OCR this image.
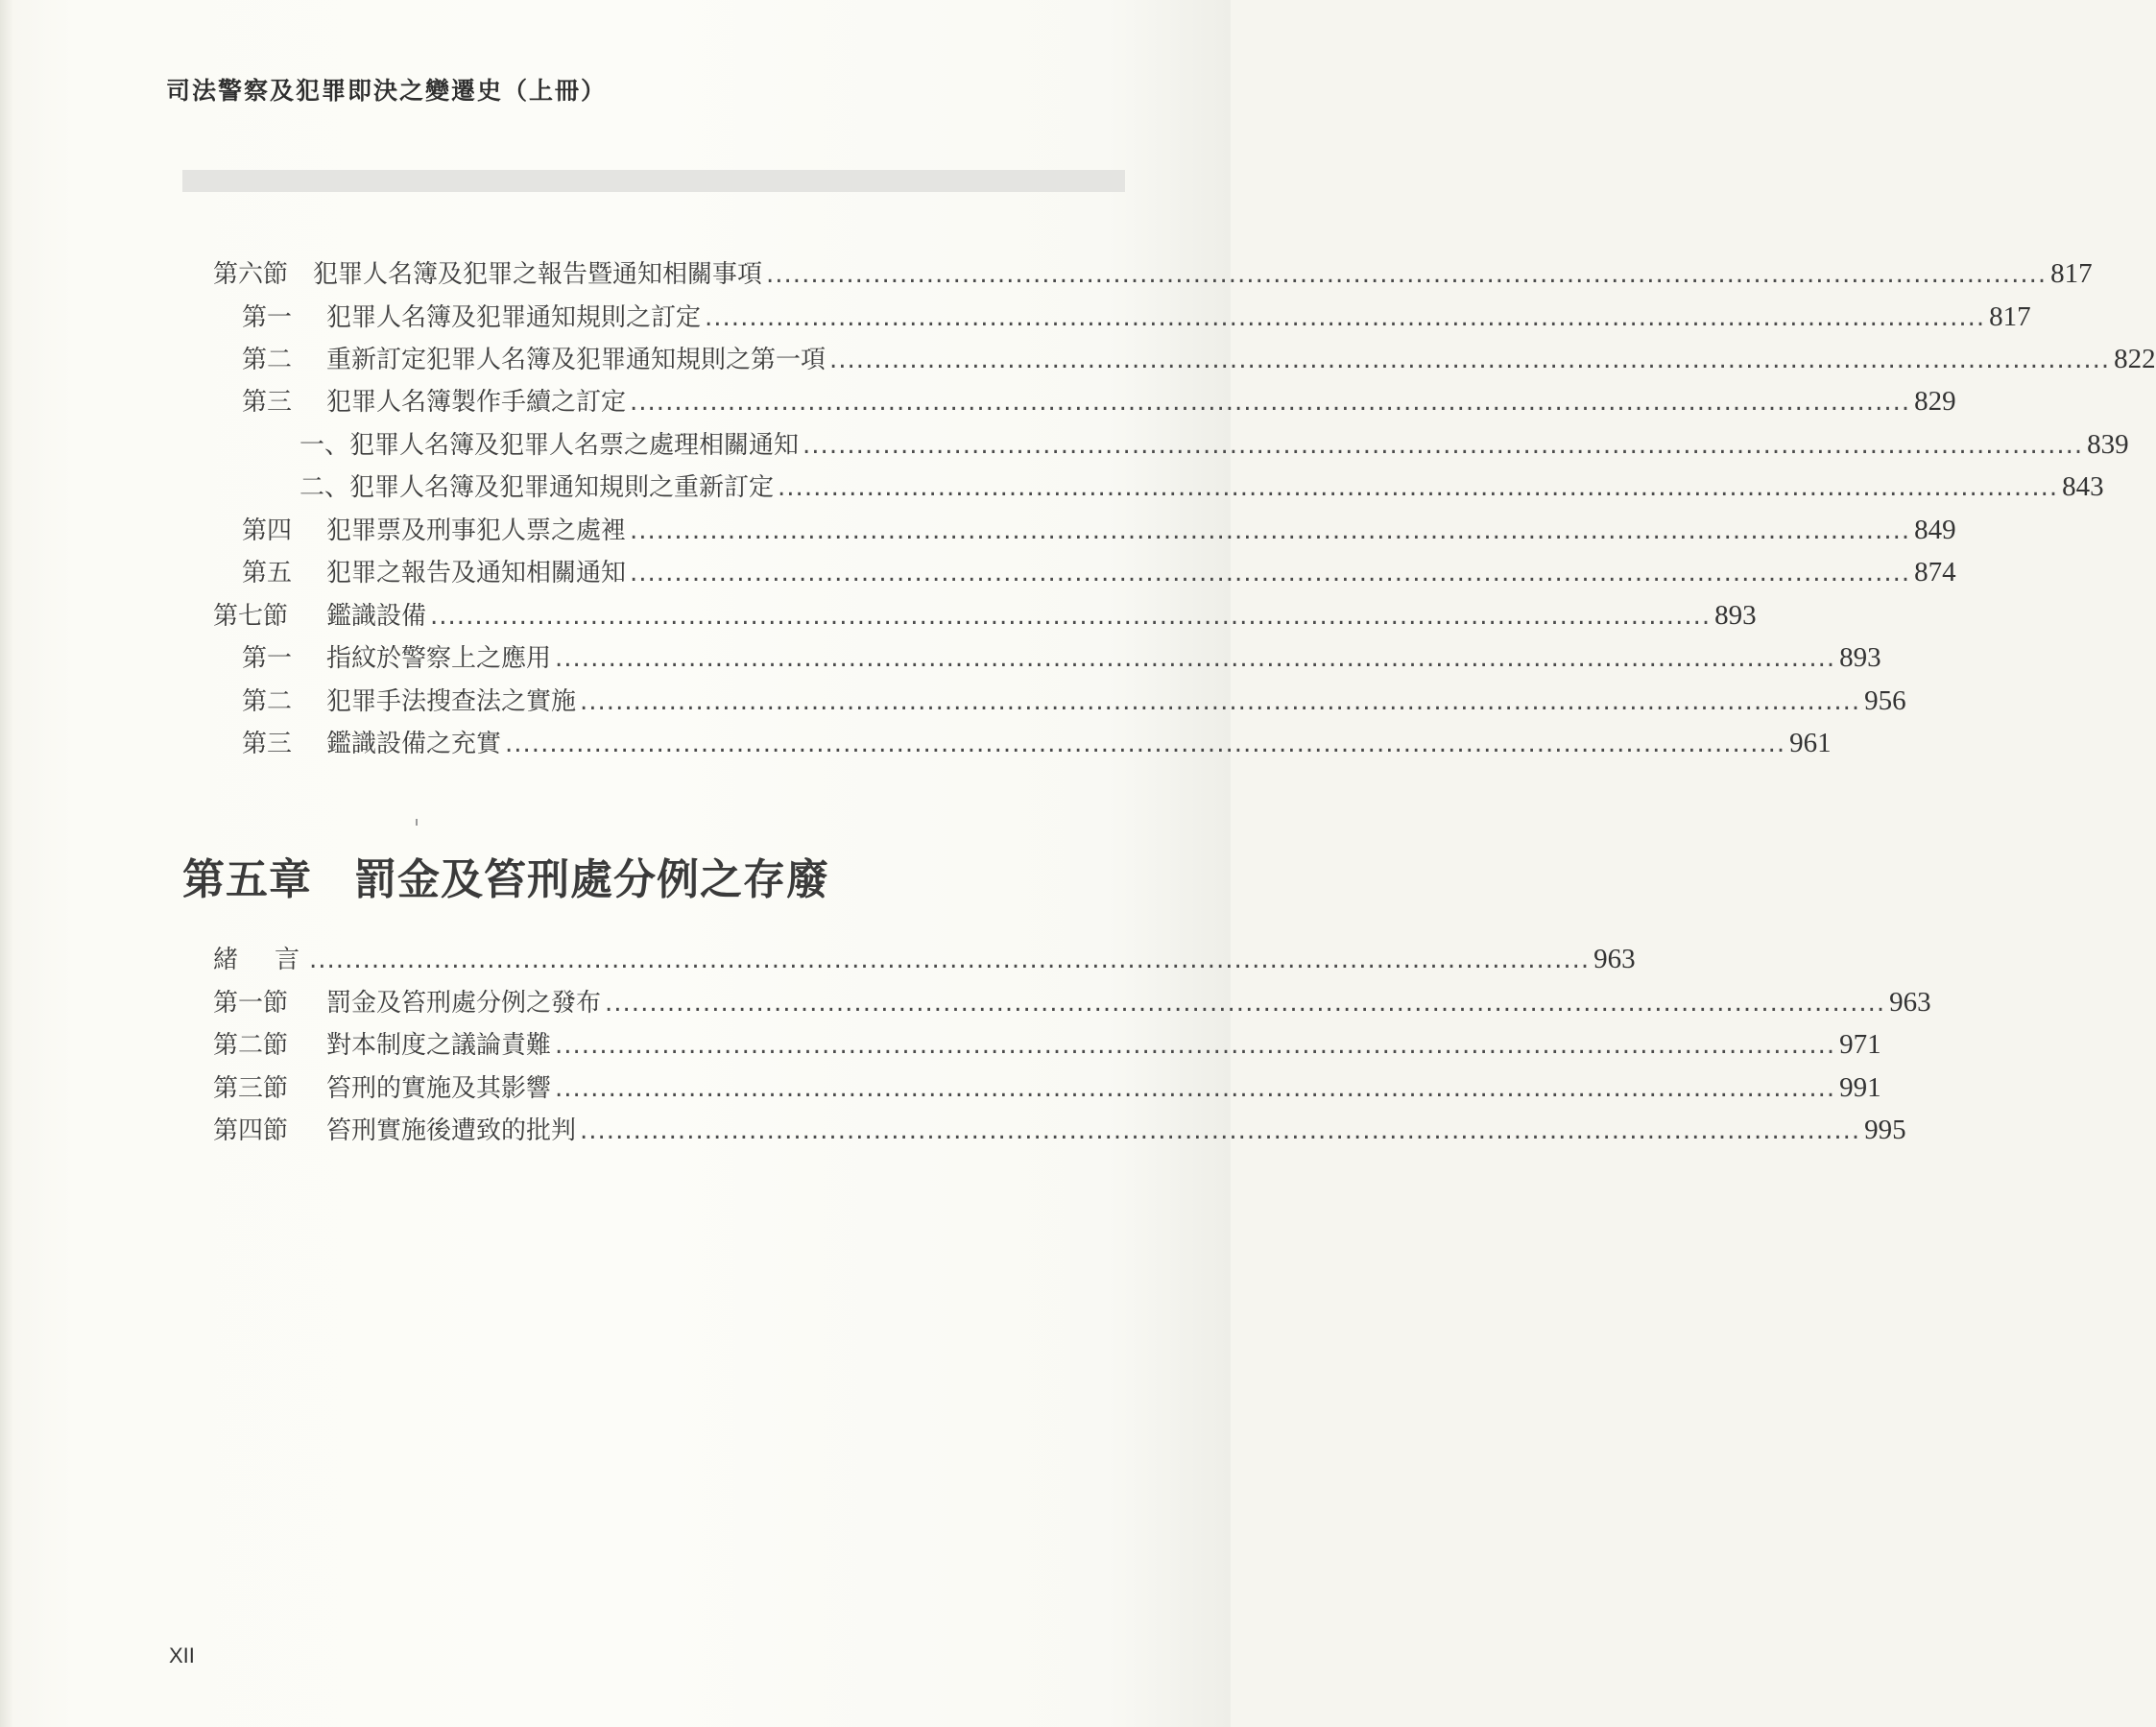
司法警察及犯罪即決之變遷史（上冊）
第六節 犯罪人名簿及犯罪之報告暨通知相關事項 ................................................................................................................................................ 817
第一	犯罪人名簿及犯罪通知規則之訂定 ................................................................................................................................................ 817
第二	重新訂定犯罪人名簿及犯罪通知規則之第一項 ................................................................................................................................................ 822
第三	犯罪人名簿製作手續之訂定 ................................................................................................................................................ 829
一、 犯罪人名簿及犯罪人名票之處理相關通知 ................................................................................................................................................ 839
二、 犯罪人名簿及犯罪通知規則之重新訂定 ................................................................................................................................................ 843
第四	犯罪票及刑事犯人票之處裡 ................................................................................................................................................ 849
第五	犯罪之報告及通知相關通知 ................................................................................................................................................ 874
第七節	鑑識設備 ................................................................................................................................................ 893
第一	指紋於警察上之應用 ................................................................................................................................................ 893
第二	犯罪手法搜查法之實施 ................................................................................................................................................ 956
第三	鑑識設備之充實 ................................................................................................................................................ 961
第五章 罰金及笞刑處分例之存廢
緒　言 ................................................................................................................................................ 963
第一節	罰金及笞刑處分例之發布 ................................................................................................................................................ 963
第二節	對本制度之議論責難 ................................................................................................................................................ 971
第三節	笞刑的實施及其影響 ................................................................................................................................................ 991
第四節	笞刑實施後遭致的批判 ................................................................................................................................................ 995
XII
